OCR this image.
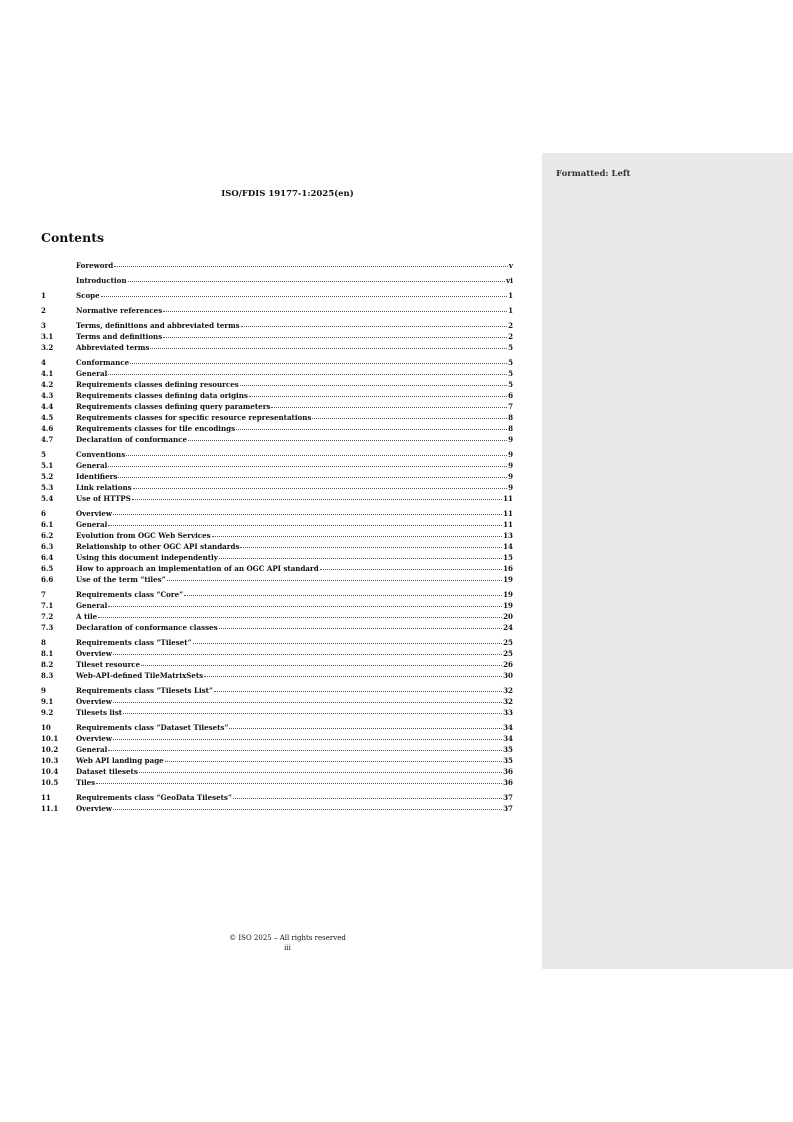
Formatted: Left
ISO/FDIS 19177-1:2025(en)
Contents
Foreword	v
Introduction	vi
1	Scope	1
2	Normative references	1
3	Terms, definitions and abbreviated terms	2
3.1	Terms and definitions	2
3.2	Abbreviated terms	5
4	Conformance	5
4.1	General	5
4.2	Requirements classes defining resources	5
4.3	Requirements classes defining data origins	6
4.4	Requirements classes defining query parameters	7
4.5	Requirements classes for specific resource representations	8
4.6	Requirements classes for tile encodings	8
4.7	Declaration of conformance	9
5	Conventions	9
5.1	General	9
5.2	Identifiers	9
5.3	Link relations	9
5.4	Use of HTTPS	11
6	Overview	11
6.1	General	11
6.2	Evolution from OGC Web Services	13
6.3	Relationship to other OGC API standards	14
6.4	Using this document independently	15
6.5	How to approach an implementation of an OGC API standard	16
6.6	Use of the term “tiles”	19
7	Requirements class “Core”	19
7.1	General	19
7.2	A tile	20
7.3	Declaration of conformance classes	24
8	Requirements class “Tileset”	25
8.1	Overview	25
8.2	Tileset resource	26
8.3	Web-API-defined TileMatrixSets	30
9	Requirements class “Tilesets List”	32
9.1	Overview	32
9.2	Tilesets list	33
10	Requirements class “Dataset Tilesets”	34
10.1	Overview	34
10.2	General	35
10.3	Web API landing page	35
10.4	Dataset tilesets	36
10.5	Tiles	36
11	Requirements class “GeoData Tilesets”	37
11.1	Overview	37
© ISO 2025 – All rights reserved
iii
